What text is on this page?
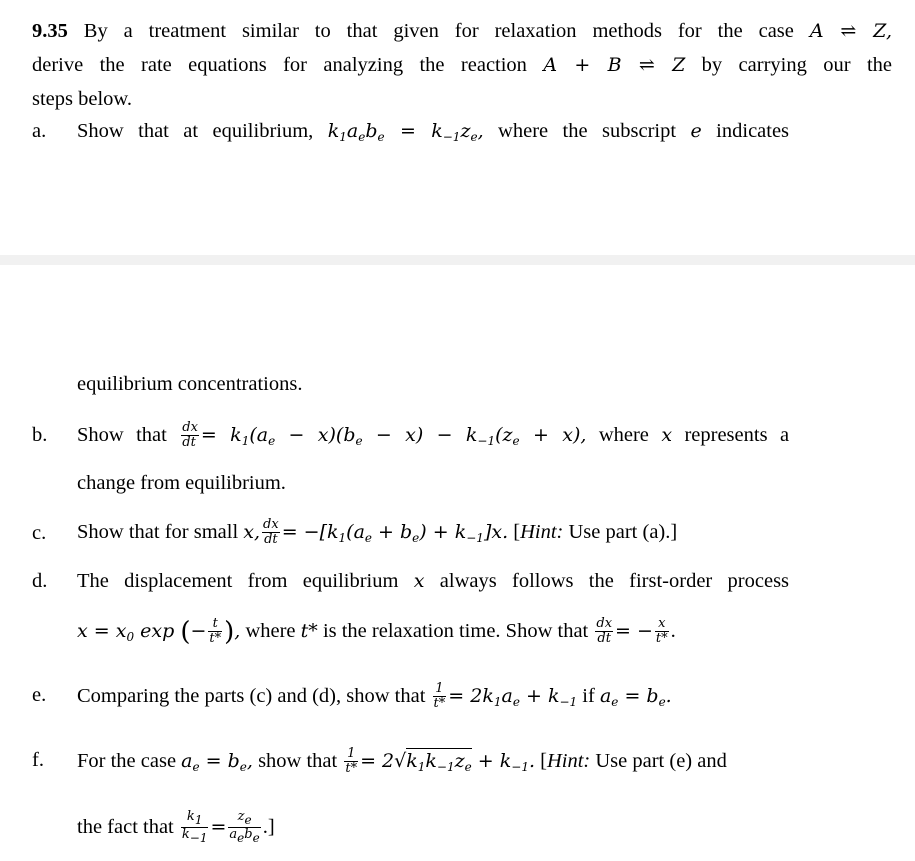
9.35 By a treatment similar to that given for relaxation methods for the case A ⇌ Z,
derive the rate equations for analyzing the reaction A + B ⇌ Z by carrying our the
steps below.
a. Show that at equilibrium, $k_1a_eb_e = k_{-1}z_e$, where the subscript e indicates
equilibrium concentrations.
b. Show that $\frac{dx}{dt} = k_1(a_e - x)(b_e - x) - k_{-1}(z_e + x)$, where x represents a
change from equilibrium.
c. Show that for small x, $\frac{dx}{dt} = -[k_1(a_e + b_e) + k_{-1}]x$. [Hint: Use part (a).]
d. The displacement from equilibrium x always follows the first-order process
$x = x_0$ exp (− $\frac{t}{t*}$ ), where t* is the relaxation time. Show that $\frac{dx}{dt}$ = − $\frac{x}{t*}$ .
e. Comparing the parts (c) and (d), show that $\frac{1}{t*} = 2k_1a_e + k_{-1}$ if $a_e = b_e$.
f. For the case $a_e = b_e$, show that $\frac{1}{t*} = 2√k_1k_{-1}z_e + k_{-1}$. [Hint: Use part (e) and
the fact that $\frac{k_1}{k_{-1}} = \frac{z_e}{a_eb_e}$ .]
